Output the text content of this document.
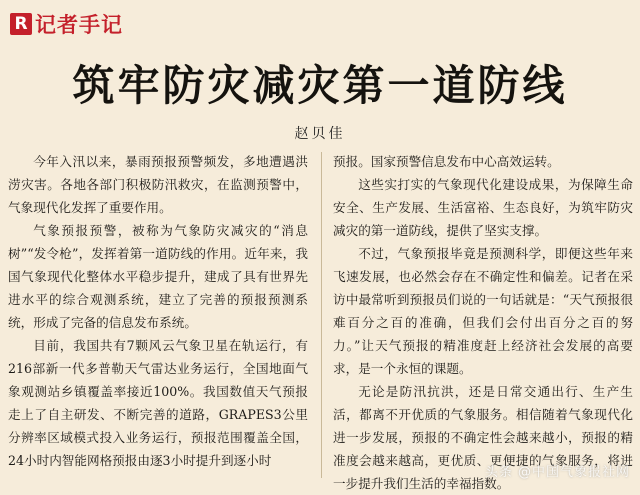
R 记者手记
筑牢防灾减灾第一道防线
赵贝佳

今年入汛以来，暴雨预报预警频发，多地遭遇洪涝灾害。各地各部门积极防汛救灾，在监测预警中，气象现代化发挥了重要作用。

气象预报预警，被称为气象防灾减灾的“消息树”“发令枪”，发挥着第一道防线的作用。近年来，我国气象现代化整体水平稳步提升，建成了具有世界先进水平的综合观测系统，建立了完善的预报预测系统，形成了完备的信息发布系统。

目前，我国共有7颗风云气象卫星在轨运行，有216部新一代多普勒天气雷达业务运行，全国地面气象观测站乡镇覆盖率接近100%。我国数值天气预报走上了自主研发、不断完善的道路，GRAPES3公里分辨率区域模式投入业务运行，预报范围覆盖全国，24小时内智能网格预报由逐3小时提升到逐小时

预报。国家预警信息发布中心高效运转。

这些实打实的气象现代化建设成果，为保障生命安全、生产发展、生活富裕、生态良好，为筑牢防灾减灾的第一道防线，提供了坚实支撑。

不过，气象预报毕竟是预测科学，即便这些年来飞速发展，也必然会存在不确定性和偏差。记者在采访中最常听到预报员们说的一句话就是：“天气预报很难百分之百的准确，但我们会付出百分之百的努力。”让天气预报的精准度赶上经济社会发展的高要求，是一个永恒的课题。

无论是防汛抗洪，还是日常交通出行、生产生活，都离不开优质的气象服务。相信随着气象现代化进一步发展，预报的不确定性会越来越小，预报的精准度会越来越高，更优质、更便捷的气象服务，将进一步提升我们生活的幸福指数。

头条 @中国气象报社网
